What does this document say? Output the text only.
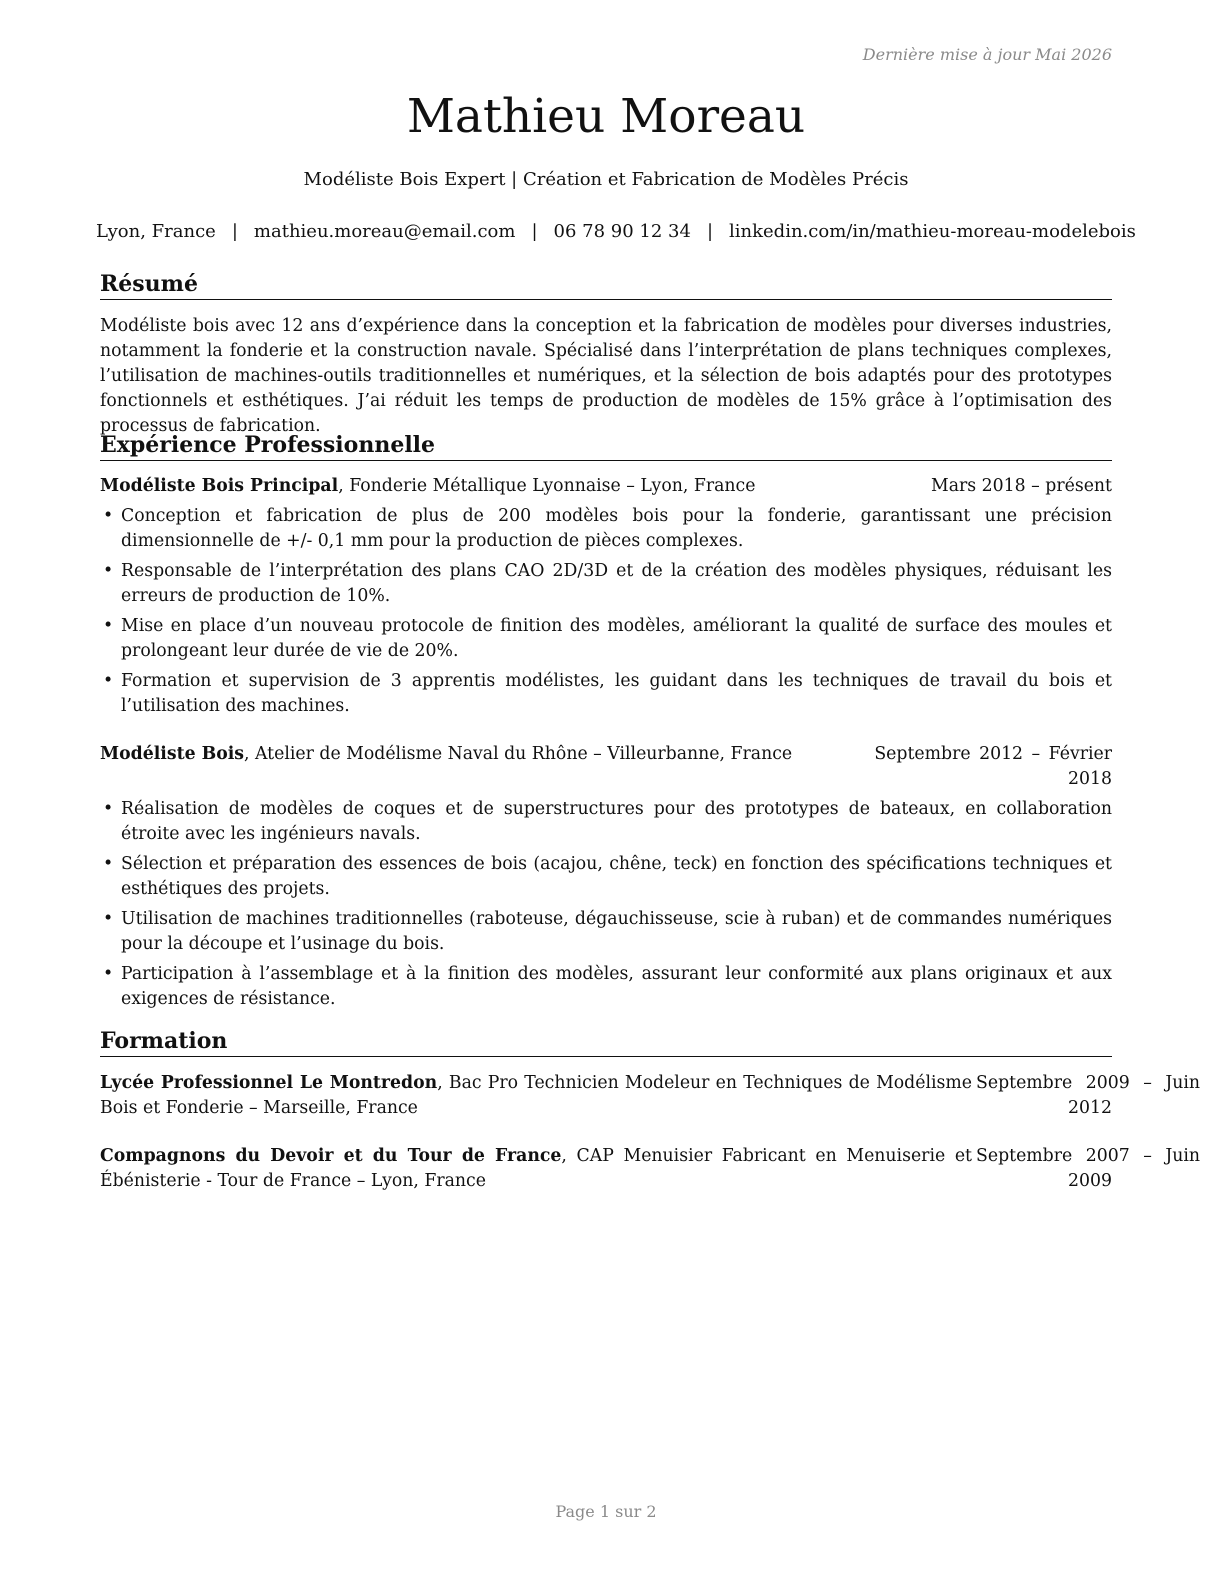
Dernière mise à jour Mai 2026
Mathieu Moreau
Modéliste Bois Expert | Création et Fabrication de Modèles Précis
Lyon, France | mathieu.moreau@email.com | 06 78 90 12 34 | linkedin.com/in/mathieu-moreau-modelebois
Résumé
Modéliste bois avec 12 ans d’expérience dans la conception et la fabrication de modèles pour diverses industries, notamment la fonderie et la construction navale. Spécialisé dans l’interprétation de plans techniques complexes, l’utilisation de machines-outils traditionnelles et numériques, et la sélection de bois adaptés pour des prototypes fonctionnels et esthétiques. J’ai réduit les temps de production de modèles de 15% grâce à l’optimisation des processus de fabrication.
Expérience Professionnelle
Modéliste Bois Principal, Fonderie Métallique Lyonnaise – Lyon, France	Mars 2018 – présent
• Conception et fabrication de plus de 200 modèles bois pour la fonderie, garantissant une précision dimensionnelle de +/- 0,1 mm pour la production de pièces complexes.
• Responsable de l’interprétation des plans CAO 2D/3D et de la création des modèles physiques, réduisant les erreurs de production de 10%.
• Mise en place d’un nouveau protocole de finition des modèles, améliorant la qualité de surface des moules et prolongeant leur durée de vie de 20%.
• Formation et supervision de 3 apprentis modélistes, les guidant dans les techniques de travail du bois et l’utilisation des machines.
Modéliste Bois, Atelier de Modélisme Naval du Rhône – Villeurbanne, France	Septembre 2012 – Février
2018
• Réalisation de modèles de coques et de superstructures pour des prototypes de bateaux, en collaboration étroite avec les ingénieurs navals.
• Sélection et préparation des essences de bois (acajou, chêne, teck) en fonction des spécifications techniques et esthétiques des projets.
• Utilisation de machines traditionnelles (raboteuse, dégauchisseuse, scie à ruban) et de commandes numériques pour la découpe et l’usinage du bois.
• Participation à l’assemblage et à la finition des modèles, assurant leur conformité aux plans originaux et aux exigences de résistance.
Formation
Lycée Professionnel Le Montredon, Bac Pro Technicien Modeleur en Techniques de Modélisme Bois et Fonderie – Marseille, France
Septembre 2009 – Juin
2012
Compagnons du Devoir et du Tour de France, CAP Menuisier Fabricant en Menuiserie et Ébénisterie - Tour de France – Lyon, France
Septembre 2007 – Juin
2009
Page 1 sur 2
